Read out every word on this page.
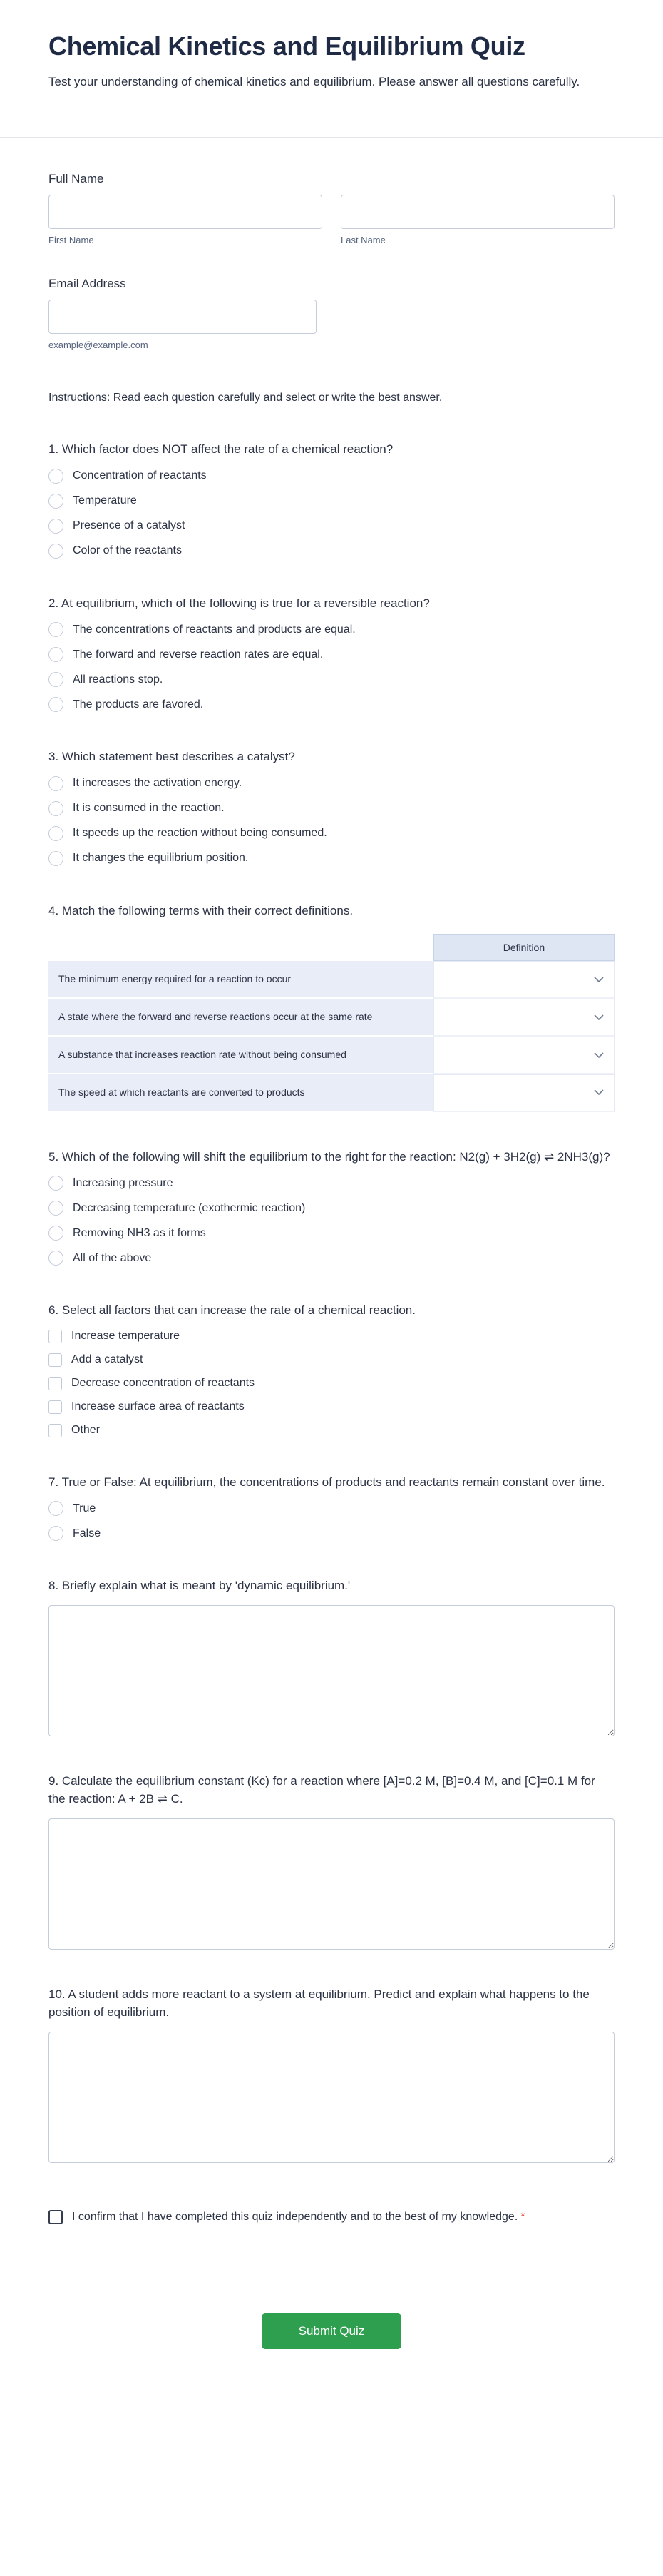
Chemical Kinetics and Equilibrium Quiz

Test your understanding of chemical kinetics and equilibrium. Please answer all questions carefully.

Full Name
First Name	Last Name
Email Address
example@example.com

Instructions: Read each question carefully and select or write the best answer.

1. Which factor does NOT affect the rate of a chemical reaction?

Concentration of reactants
Temperature
Presence of a catalyst
Color of the reactants

2. At equilibrium, which of the following is true for a reversible reaction?

The concentrations of reactants and products are equal.
The forward and reverse reaction rates are equal.
All reactions stop.
The products are favored.

3. Which statement best describes a catalyst?

It increases the activation energy.
It is consumed in the reaction.
It speeds up the reaction without being consumed.
It changes the equilibrium position.

4. Match the following terms with their correct definitions.

	Definition
The minimum energy required for a reaction to occur	

A state where the forward and reverse reactions occur at the same rate	

A substance that increases reaction rate without being consumed	

The speed at which reactants are converted to products	

5. Which of the following will shift the equilibrium to the right for the reaction: N2(g) + 3H2(g) ⇌ 2NH3(g)?

Increasing pressure
Decreasing temperature (exothermic reaction)
Removing NH3 as it forms
All of the above

6. Select all factors that can increase the rate of a chemical reaction.

Increase temperature
Add a catalyst
Decrease concentration of reactants
Increase surface area of reactants
Other

7. True or False: At equilibrium, the concentrations of products and reactants remain constant over time.

True
False

8. Briefly explain what is meant by 'dynamic equilibrium.'

9. Calculate the equilibrium constant (Kc) for a reaction where [A]=0.2 M, [B]=0.4 M, and [C]=0.1 M for the reaction: A + 2B ⇌ C.

10. A student adds more reactant to a system at equilibrium. Predict and explain what happens to the position of equilibrium.

I confirm that I have completed this quiz independently and to the best of my knowledge. *
Submit Quiz
